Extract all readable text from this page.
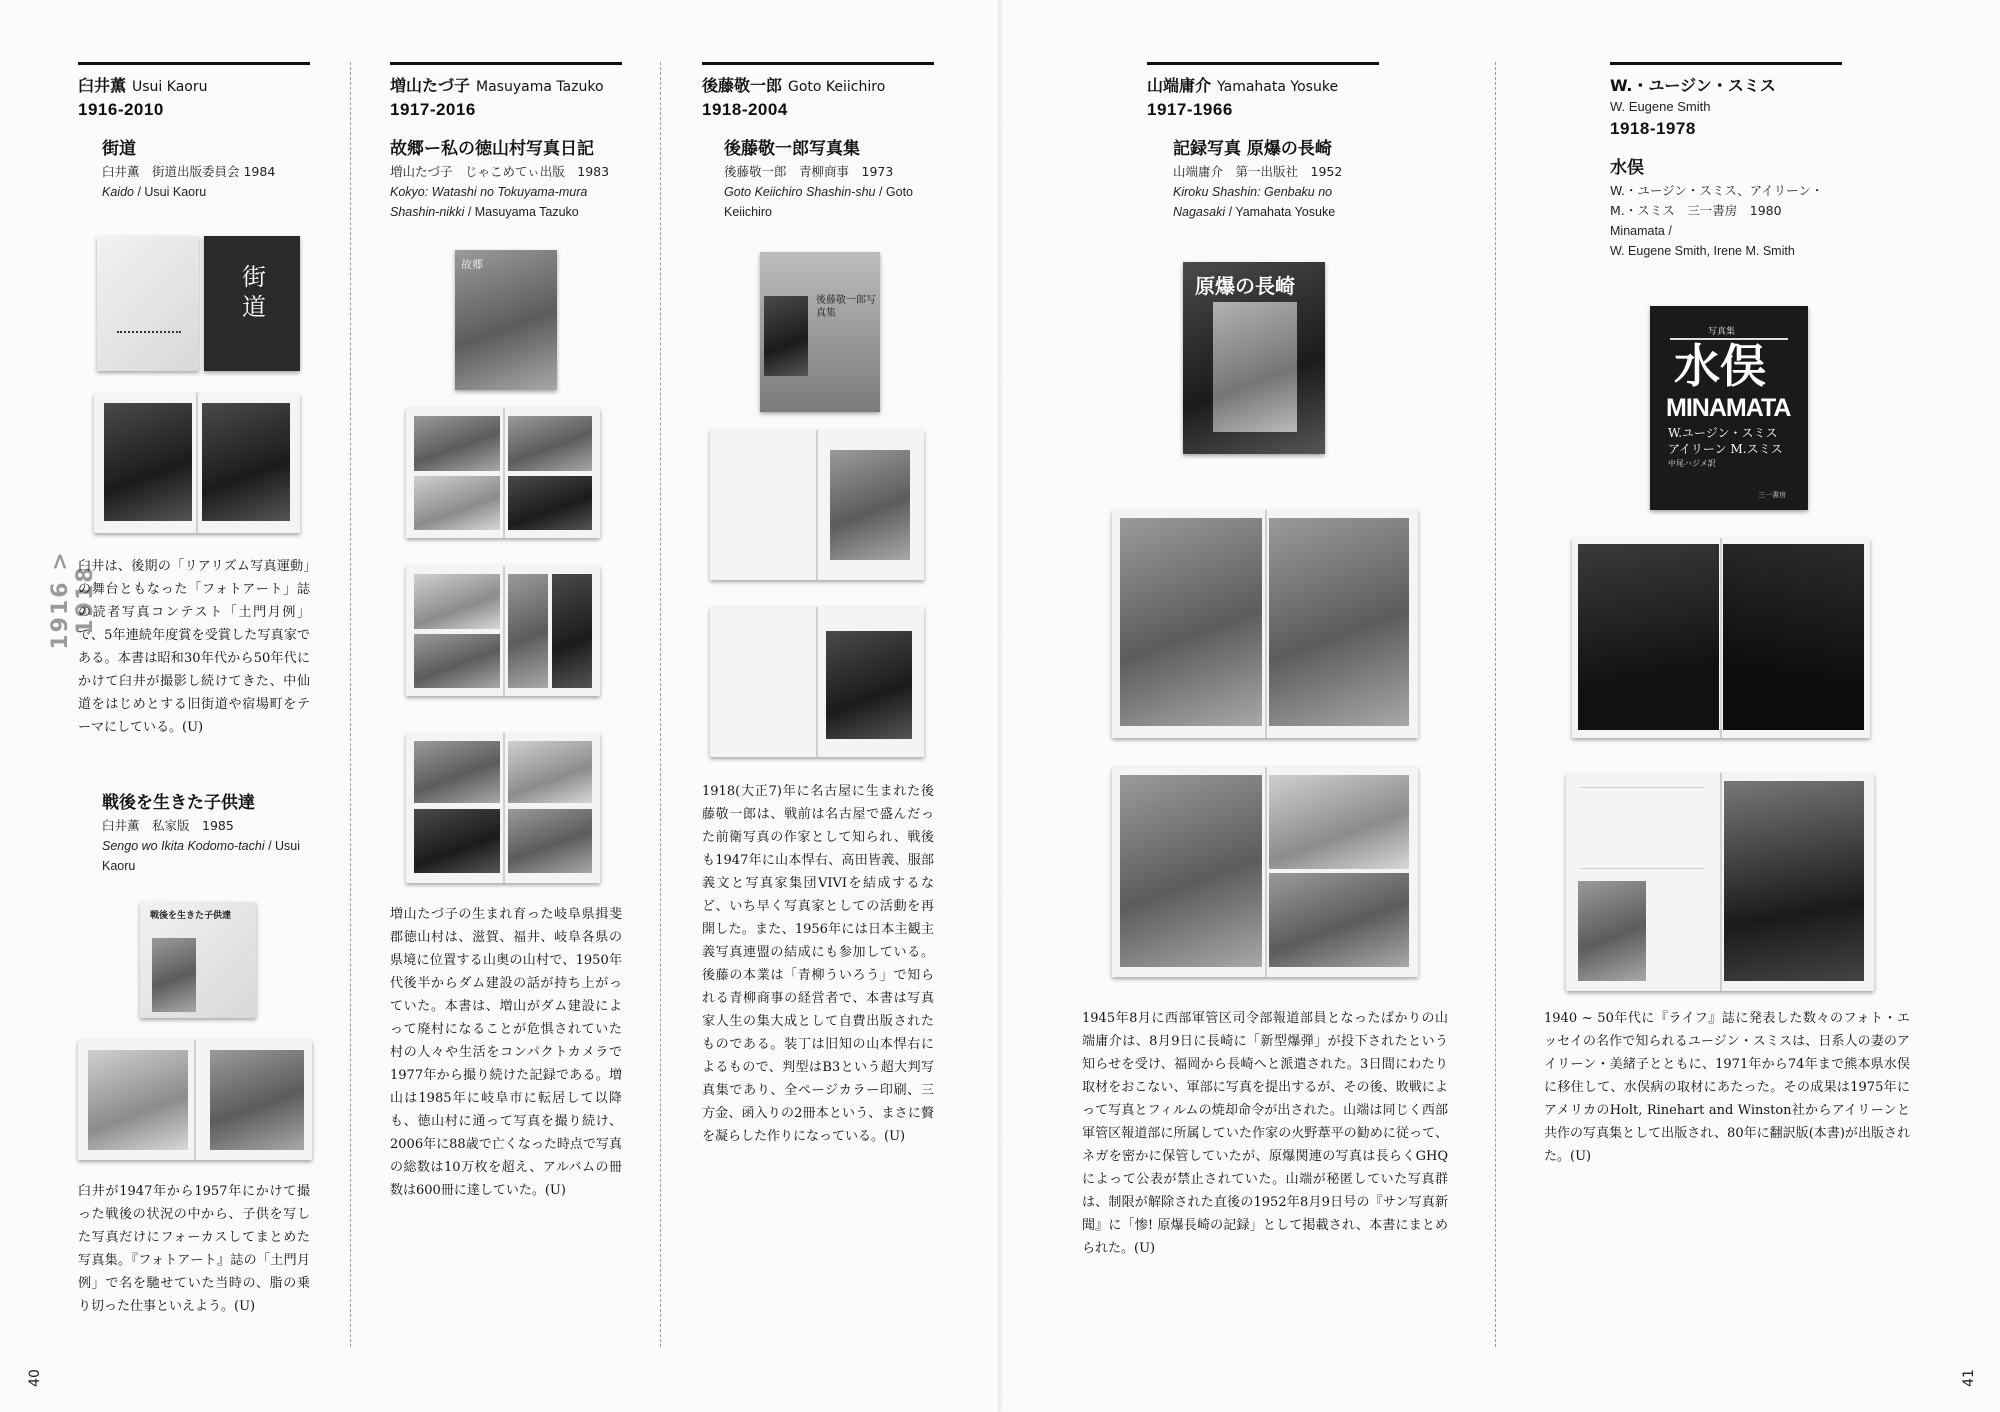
1916 > 1918
40	41
臼井薫 Usui Kaoru
1916-2010
街道
臼井薫　街道出版委員会 1984
Kaido / Usui Kaoru
街道
臼井は、後期の「リアリズム写真運動」の舞台ともなった「フォトアート」誌の読者写真コンテスト「土門月例」で、5年連続年度賞を受賞した写真家である。本書は昭和30年代から50年代にかけて臼井が撮影し続けてきた、中仙道をはじめとする旧街道や宿場町をテーマにしている。(U)
戦後を生きた子供達
臼井薫　私家版　1985
Sengo wo Ikita Kodomo-tachi / Usui Kaoru
戦後を生きた子供達
臼井が1947年から1957年にかけて撮った戦後の状況の中から、子供を写した写真だけにフォーカスしてまとめた写真集。『フォトアート』誌の「土門月例」で名を馳せていた当時の、脂の乗り切った仕事といえよう。(U)
増山たづ子 Masuyama Tazuko
1917-2016
故郷ー私の徳山村写真日記
増山たづ子　じゃこめてぃ出版　1983
Kokyo: Watashi no Tokuyama-mura Shashin-nikki / Masuyama Tazuko
故郷
増山たづ子の生まれ育った岐阜県揖斐郡徳山村は、滋賀、福井、岐阜各県の県境に位置する山奥の山村で、1950年代後半からダム建設の話が持ち上がっていた。本書は、増山がダム建設によって廃村になることが危惧されていた村の人々や生活をコンパクトカメラで1977年から撮り続けた記録である。増山は1985年に岐阜市に転居して以降も、徳山村に通って写真を撮り続け、2006年に88歳で亡くなった時点で写真の総数は10万枚を超え、アルバムの冊数は600冊に達していた。(U)
後藤敬一郎 Goto Keiichiro
1918-2004
後藤敬一郎写真集
後藤敬一郎　青柳商事　1973
Goto Keiichiro Shashin-shu / Goto Keiichiro
後藤敬一郎写真集
1918(大正7)年に名古屋に生まれた後藤敬一郎は、戦前は名古屋で盛んだった前衛写真の作家として知られ、戦後も1947年に山本悍右、高田皆義、服部義文と写真家集団VIVIを結成するなど、いち早く写真家としての活動を再開した。また、1956年には日本主観主義写真連盟の結成にも参加している。後藤の本業は「青柳ういろう」で知られる青柳商事の経営者で、本書は写真家人生の集大成として自費出版されたものである。装丁は旧知の山本悍右によるもので、判型はB3という超大判写真集であり、全ページカラー印刷、三方金、函入りの2冊本という、まさに贅を凝らした作りになっている。(U)
山端庸介 Yamahata Yosuke
1917-1966
記録写真 原爆の長崎
山端庸介　第一出版社　1952
Kiroku Shashin: Genbaku no Nagasaki / Yamahata Yosuke
原爆の長崎
1945年8月に西部軍管区司令部報道部員となったばかりの山端庸介は、8月9日に長崎に「新型爆弾」が投下されたという知らせを受け、福岡から長崎へと派遣された。3日間にわたり取材をおこない、軍部に写真を提出するが、その後、敗戦によって写真とフィルムの焼却命令が出された。山端は同じく西部軍管区報道部に所属していた作家の火野葦平の勧めに従って、ネガを密かに保管していたが、原爆関連の写真は長らくGHQによって公表が禁止されていた。山端が秘匿していた写真群は、制限が解除された直後の1952年8月9日号の『サン写真新聞』に「惨! 原爆長崎の記録」として掲載され、本書にまとめられた。(U)
W.・ユージン・スミス
W. Eugene Smith
1918-1978
水俣
W.・ユージン・スミス、アイリーン・M.・スミス　三一書房　1980
Minamata /
W. Eugene Smith, Irene M. Smith
写真集
水俣
MINAMATA
W.ユージン・スミス
アイリーン M.スミス
中尾ハジメ訳
三一書房
1940 ~ 50年代に『ライフ』誌に発表した数々のフォト・エッセイの名作で知られるユージン・スミスは、日系人の妻のアイリーン・美緒子とともに、1971年から74年まで熊本県水俣に移住して、水俣病の取材にあたった。その成果は1975年にアメリカのHolt, Rinehart and Winston社からアイリーンと共作の写真集として出版され、80年に翻訳版(本書)が出版された。(U)
